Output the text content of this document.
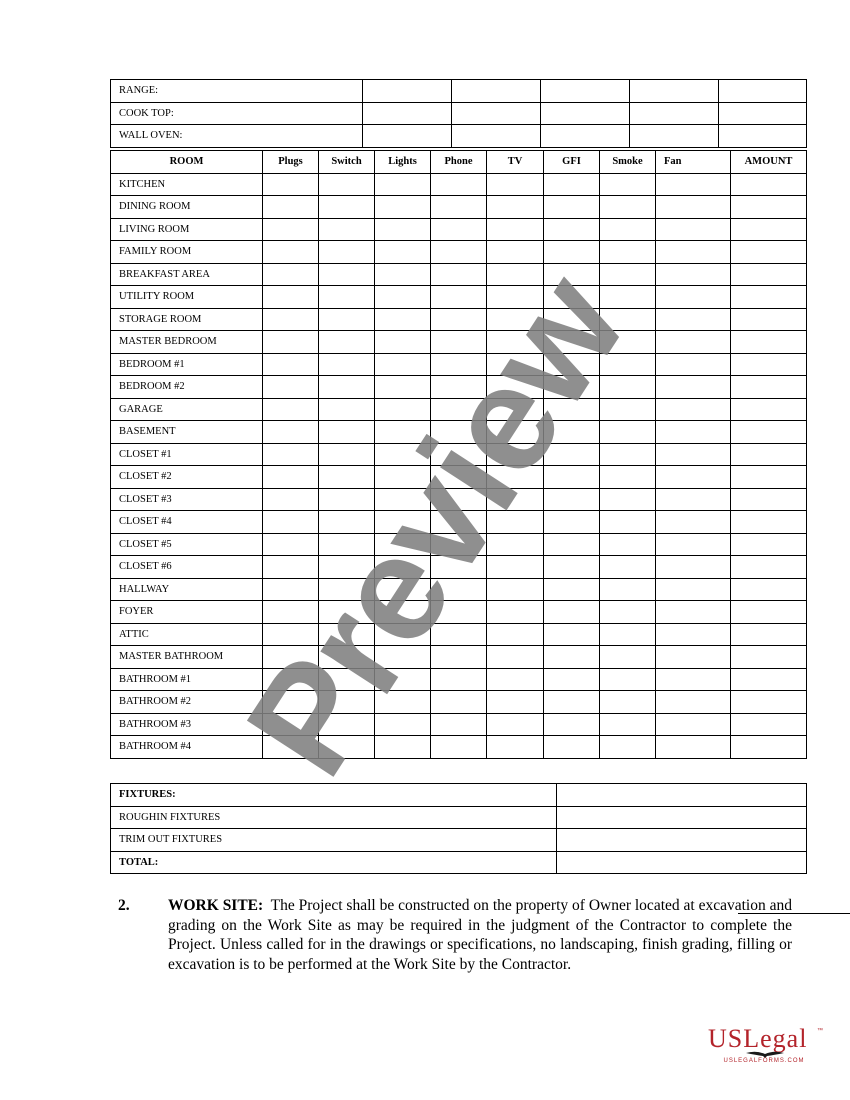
RANGE:					
COOK TOP:					
WALL OVEN:					
ROOM	Plugs	Switch	Lights	Phone	TV	GFI	Smoke	Fan	AMOUNT
KITCHEN									
DINING ROOM									
LIVING ROOM									
FAMILY ROOM									
BREAKFAST AREA									
UTILITY ROOM									
STORAGE ROOM									
MASTER BEDROOM									
BEDROOM #1									
BEDROOM #2									
GARAGE									
BASEMENT									
CLOSET #1									
CLOSET #2									
CLOSET #3									
CLOSET #4									
CLOSET #5									
CLOSET #6									
HALLWAY									
FOYER									
ATTIC									
MASTER BATHROOM									
BATHROOM #1									
BATHROOM #2									
BATHROOM #3									
BATHROOM #4									
FIXTURES:	
ROUGHIN FIXTURES	
TRIM OUT FIXTURES	
TOTAL:	
2. WORK SITE: The Project shall be constructed on the property of Owner located at excavation and grading on the Work Site as may be required in the judgment of the Contractor to complete the Project. Unless called for in the drawings or specifications, no landscaping, finish grading, filling or excavation is to be performed at the Work Site by the Contractor.
Preview
USLegal ™
USLEGALFORMS.COM
